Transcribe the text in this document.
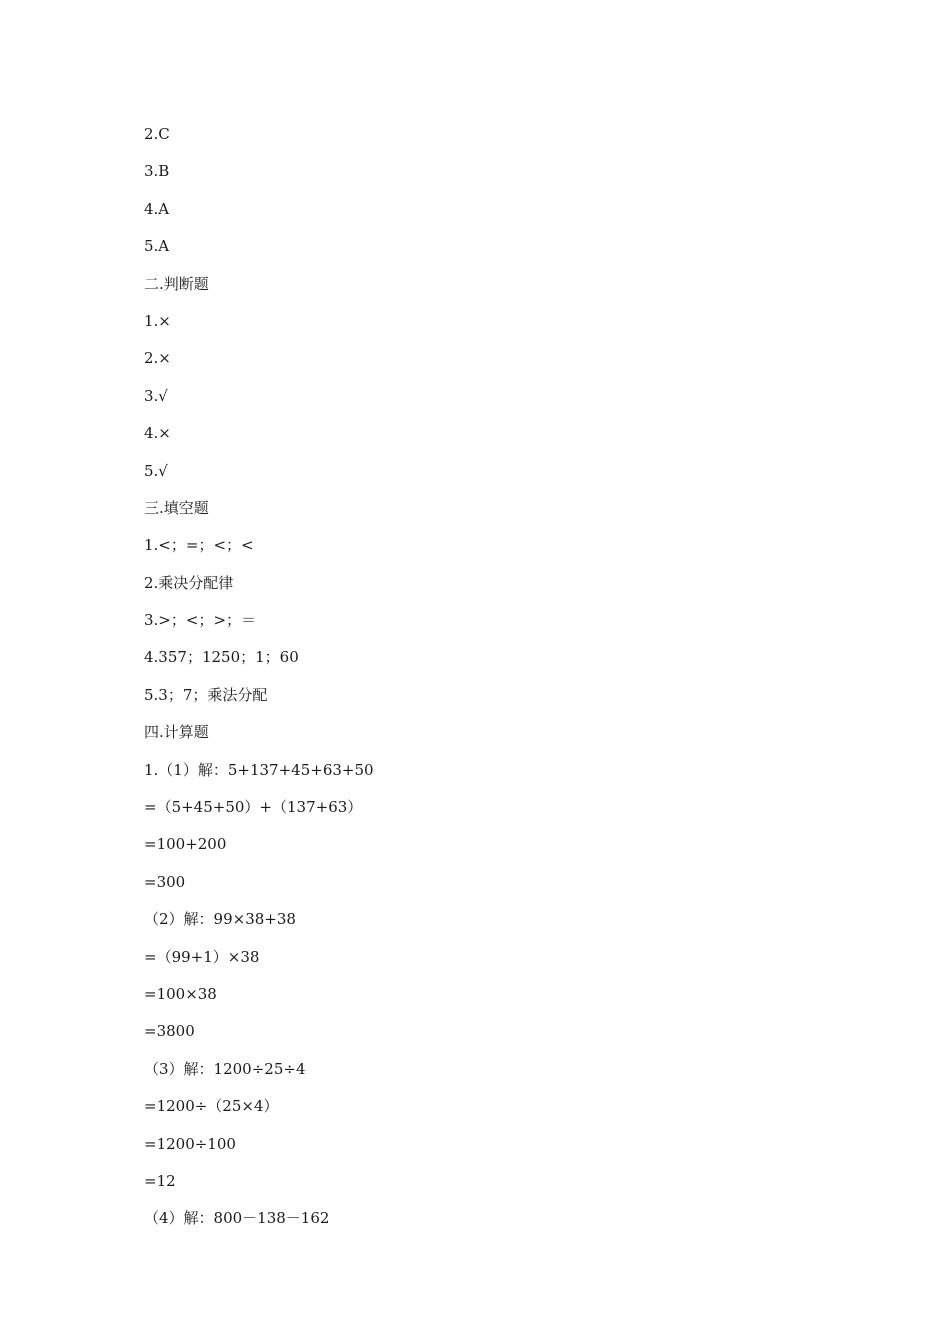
2.C
3.B
4.A
5.A
二.判断题
1.×
2.×
3.√
4.×
5.√
三.填空题
1.<；=；<；<
2.乘决分配律
3.>；<；>；＝
4.357；1250；1；60
5.3；7；乘法分配
四.计算题
1.（1）解：5+137+45+63+50
=（5+45+50）+（137+63）
=100+200
=300
（2）解：99×38+38
=（99+1）×38
=100×38
=3800
（3）解：1200÷25÷4
=1200÷（25×4）
=1200÷100
=12
（4）解：800－138－162
